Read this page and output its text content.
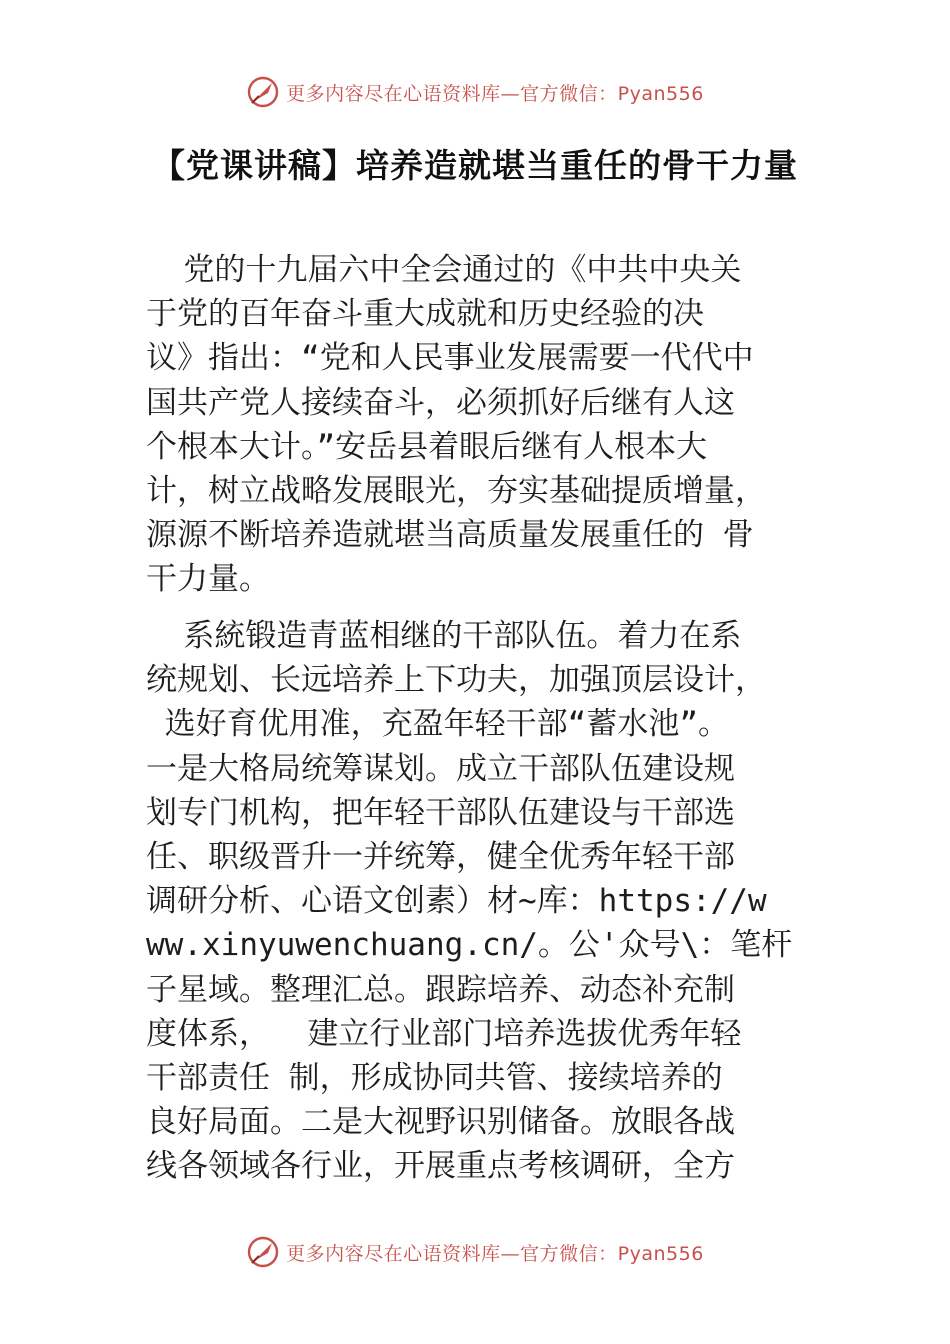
更多内容尽在心语资料库—官方微信：Pyan556
【党课讲稿】培养造就堪当重任的骨干力量
党的十九届六中全会通过的《中共中央关
于党的百年奋斗重大成就和历史经验的决
议》指出：“党和人民事业发展需要一代代中
国共产党人接续奋斗，必须抓好后继有人这
个根本大计。”安岳县着眼后继有人根本大
计，树立战略发展眼光，夯实基础提质增量，
源源不断培养造就堪当高质量发展重任的 骨
干力量。
系統锻造青蓝相继的干部队伍。着力在系
统规划、长远培养上下功夫，加强顶层设计，
选好育优用准，充盈年轻干部“蓄水池”。
一是大格局统筹谋划。成立干部队伍建设规
划专门机构，把年轻干部队伍建设与干部选
任、职级晋升一并统筹，健全优秀年轻干部
调研分析、心语文创素）材~库：https://w
ww.xinyuwenchuang.cn/。公'众号\：笔杆
子星域。整理汇总。跟踪培养、动态补充制
度体系，  建立行业部门培养选拔优秀年轻
干部责任 制，形成协同共管、接续培养的
良好局面。二是大视野识别储备。放眼各战
线各领域各行业，开展重点考核调研，全方
更多内容尽在心语资料库—官方微信：Pyan556
